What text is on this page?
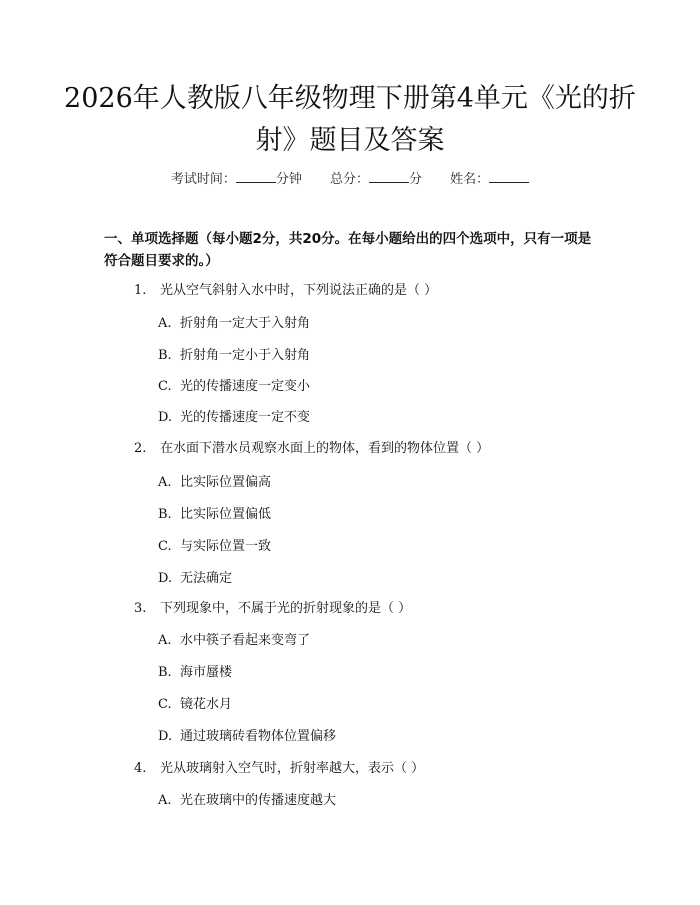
2026年人教版八年级物理下册第4单元《光的折射》题目及答案
考试时间：	分钟 总分：	分 姓名：
一、单项选择题（每小题2分，共20分。在每小题给出的四个选项中，只有一项是符合题目要求的。）
1. 光从空气斜射入水中时，下列说法正确的是（ ）
A. 折射角一定大于入射角
B. 折射角一定小于入射角
C. 光的传播速度一定变小
D. 光的传播速度一定不变
2. 在水面下潜水员观察水面上的物体，看到的物体位置（ ）
A. 比实际位置偏高
B. 比实际位置偏低
C. 与实际位置一致
D. 无法确定
3. 下列现象中，不属于光的折射现象的是（ ）
A. 水中筷子看起来变弯了
B. 海市蜃楼
C. 镜花水月
D. 通过玻璃砖看物体位置偏移
4. 光从玻璃射入空气时，折射率越大，表示（ ）
A. 光在玻璃中的传播速度越大
